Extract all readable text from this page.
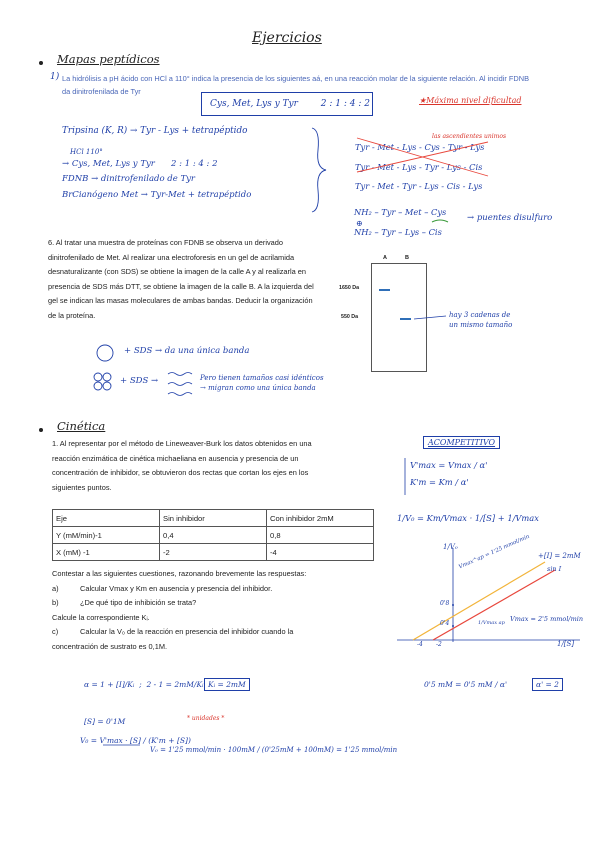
Ejercicios
Mapas peptídicos
1) La hidrólisis a pH ácido con HCl a 110° indica la presencia de los siguientes aá, en una reacción molar de la siguiente relación. Al incidir FDNB da dinitrofenilada de Tyr
Cys, Met, Lys y Tyr        2 : 1 : 4 : 2	★Máxima nivel dificultad
Tripsina (K, R) → Tyr - Lys + tetrapéptido
HCl 110°
→ Cys, Met, Lys y Tyr      2 : 1 : 4 : 2
FDNB → dinitrofenilado de Tyr
BrCianógeno Met → Tyr-Met + tetrapéptido
las ascendientes unimos
Tyr - Met - Lys - Cys - Tyr - Lys
Tyr - Met - Lys - Tyr - Lys - Cis
Tyr - Met - Tyr - Lys - Cis - Lys
NH₂ – Tyr – Met – Cys
⊕
NH₂ – Tyr – Lys – Cis
→ puentes disulfuro
6. Al tratar una muestra de proteínas con FDNB se observa un derivado
dinitrofenilado de Met. Al realizar una electroforesis en un gel de acrilamida
desnaturalizante (con SDS) se obtiene la imagen de la calle A y al realizarla en
presencia de SDS más DTT, se obtiene la imagen de la calle B. A la izquierda del
gel se indican las masas moleculares de ambas bandas. Deducir la organización
de la proteína.
A	B
1650 Da
550 Da	hay 3 cadenas de un mismo tamaño
+ SDS → da una única banda
+ SDS →	Pero tienen tamaños casi idénticos → migran como una única banda
Cinética
1. Al representar por el método de Lineweaver-Burk los datos obtenidos en una
reacción enzimática de cinética michaeliana en ausencia y presencia de un
concentración de inhibidor, se obtuvieron dos rectas que cortan los ejes en los
siguientes puntos.
Eje	Sin inhibidor	Con inhibidor 2mM
Y (mM/min)-1	0,4	0,8
X (mM) -1	-2	-4
Contestar a las siguientes cuestiones, razonando brevemente las respuestas:
a)	Calcular Vmax y Km en ausencia y presencia del inhibidor.
b)	¿De qué tipo de inhibición se trata?
Calcule la correspondiente Kᵢ.
c)	Calcular la V₀ de la reacción en presencia del inhibidor cuando la
concentración de sustrato es 0,1M.
ACOMPETITIVO
V'max = Vmax / α'
K'm = Km / α'
1/V₀ = Km/Vmax · 1/[S] + 1/Vmax
1/V₀
1/[S]
+[I] = 2mM
sin I
Vmax^ap = 1'25 mmol/min
0'8
0'4
-4 -2
1/Vmax ap Vmax = 2'5 mmol/min
0'5 mM = 0'5 mM / α'	α' = 2
α = 1 + [I]/Kᵢ  ;  2 - 1 = 2mM/Kᵢ Kᵢ = 2mM
[S] = 0'1M	* unidades *
V₀ = V'max · [S] / (K'm + [S])
V₀ = 1'25 mmol/min · 100mM / (0'25mM + 100mM) = 1'25 mmol/min
